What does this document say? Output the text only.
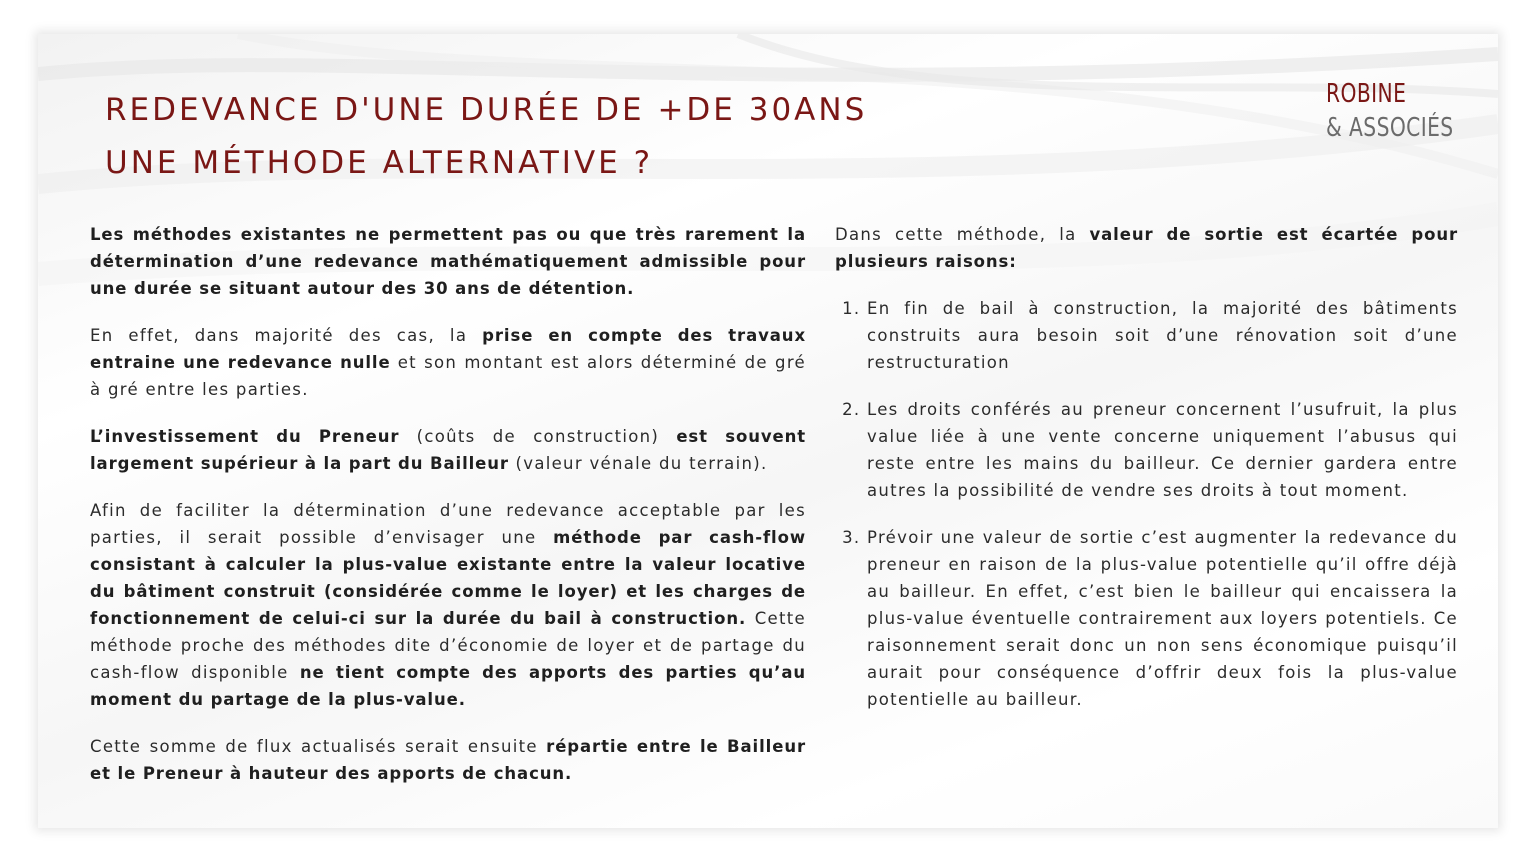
REDEVANCE D'UNE DURÉE DE +DE 30ANS
UNE MÉTHODE ALTERNATIVE ?
ROBINE
& ASSOCIÉS

Les méthodes existantes ne permettent pas ou que très rarement la détermination d’une redevance mathématiquement admissible pour une durée se situant autour des 30 ans de détention.

En effet, dans majorité des cas, la prise en compte des travaux entraine une redevance nulle et son montant est alors déterminé de gré à gré entre les parties.

L’investissement du Preneur (coûts de construction) est souvent largement supérieur à la part du Bailleur (valeur vénale du terrain).

Afin de faciliter la détermination d’une redevance acceptable par les parties, il serait possible d’envisager une méthode par cash-flow consistant à calculer la plus-value existante entre la valeur locative du bâtiment construit (considérée comme le loyer) et les charges de fonctionnement de celui-ci sur la durée du bail à construction. Cette méthode proche des méthodes dite d’économie de loyer et de partage du cash-flow disponible ne tient compte des apports des parties qu’au moment du partage de la plus-value.

Cette somme de flux actualisés serait ensuite répartie entre le Bailleur et le Preneur à hauteur des apports de chacun.

Dans cette méthode, la valeur de sortie est écartée pour plusieurs raisons:

1. En fin de bail à construction, la majorité des bâtiments construits aura besoin soit d’une rénovation soit d’une restructuration
2. Les droits conférés au preneur concernent l’usufruit, la plus value liée à une vente concerne uniquement l’abusus qui reste entre les mains du bailleur. Ce dernier gardera entre autres la possibilité de vendre ses droits à tout moment.
3. Prévoir une valeur de sortie c’est augmenter la redevance du preneur en raison de la plus-value potentielle qu’il offre déjà au bailleur. En effet, c’est bien le bailleur qui encaissera la plus-value éventuelle contrairement aux loyers potentiels. Ce raisonnement serait donc un non sens économique puisqu’il aurait pour conséquence d’offrir deux fois la plus-value potentielle au bailleur.
